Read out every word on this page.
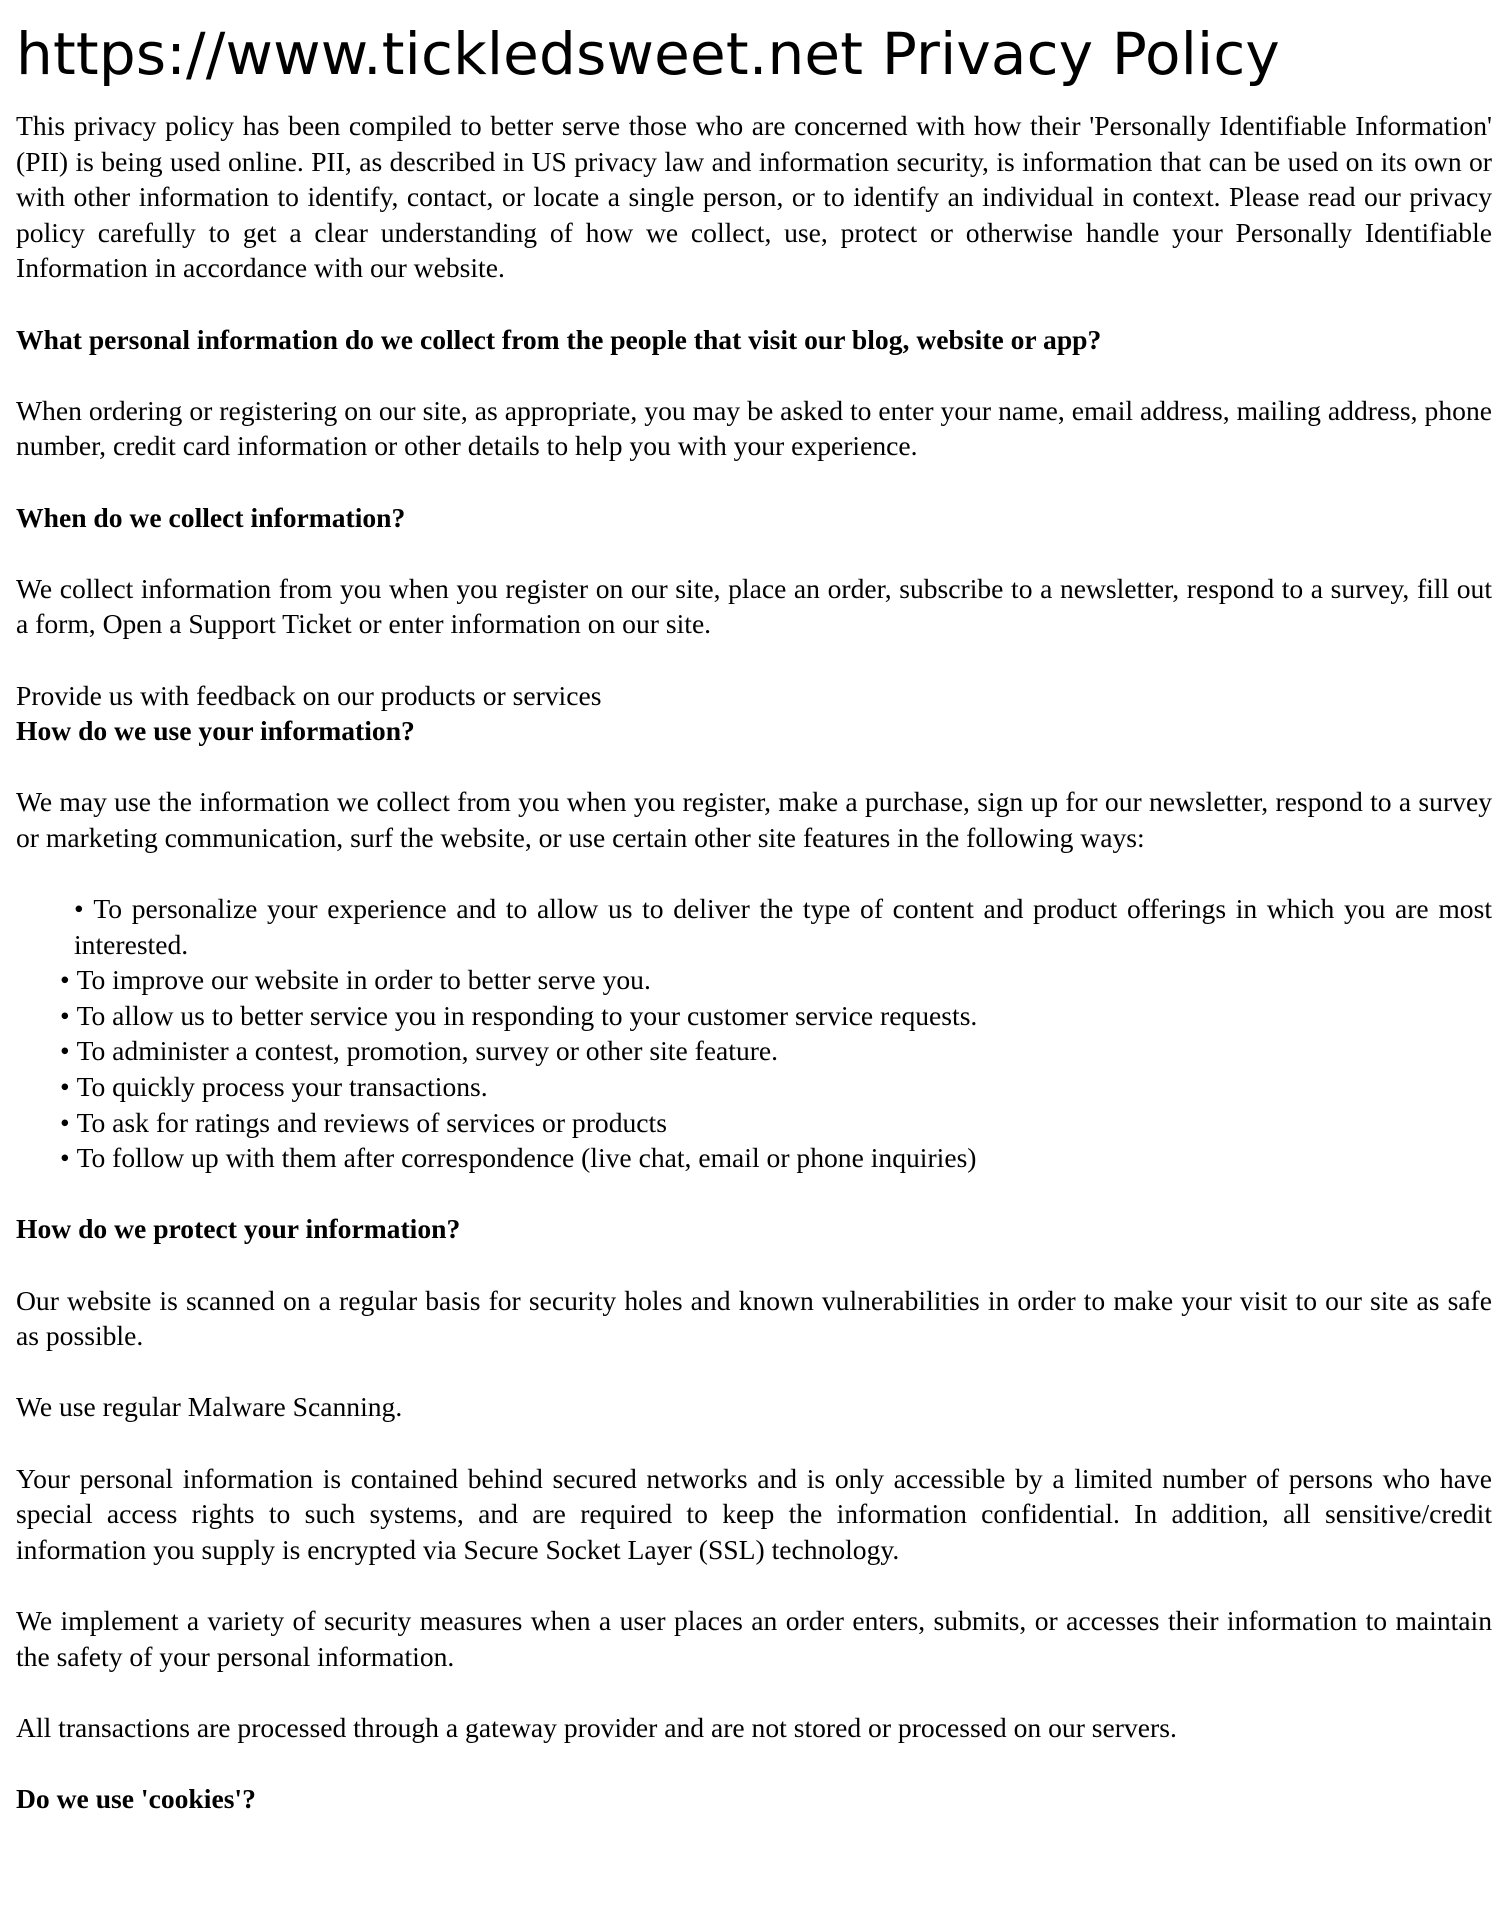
https://www.tickledsweet.net Privacy Policy

This privacy policy has been compiled to better serve those who are concerned with how their 'Personally Identifiable Information' (PII) is being used online. PII, as described in US privacy law and information security, is information that can be used on its own or with other information to identify, contact, or locate a single person, or to identify an individual in context. Please read our privacy policy carefully to get a clear understanding of how we collect, use, protect or otherwise handle your Personally Identifiable Information in accordance with our website.

What personal information do we collect from the people that visit our blog, website or app?

When ordering or registering on our site, as appropriate, you may be asked to enter your name, email address, mailing address, phone number, credit card information or other details to help you with your experience.

When do we collect information?

We collect information from you when you register on our site, place an order, subscribe to a newsletter, respond to a survey, fill out a form, Open a Support Ticket or enter information on our site.

Provide us with feedback on our products or services

How do we use your information?

We may use the information we collect from you when you register, make a purchase, sign up for our newsletter, respond to a survey or marketing communication, surf the website, or use certain other site features in the following ways:

• To personalize your experience and to allow us to deliver the type of content and product offerings in which you are most interested.
• To improve our website in order to better serve you.
• To allow us to better service you in responding to your customer service requests.
• To administer a contest, promotion, survey or other site feature.
• To quickly process your transactions.
• To ask for ratings and reviews of services or products
• To follow up with them after correspondence (live chat, email or phone inquiries)

How do we protect your information?

Our website is scanned on a regular basis for security holes and known vulnerabilities in order to make your visit to our site as safe as possible.

We use regular Malware Scanning.

Your personal information is contained behind secured networks and is only accessible by a limited number of persons who have special access rights to such systems, and are required to keep the information confidential. In addition, all sensitive/credit information you supply is encrypted via Secure Socket Layer (SSL) technology.

We implement a variety of security measures when a user places an order enters, submits, or accesses their information to maintain the safety of your personal information.

All transactions are processed through a gateway provider and are not stored or processed on our servers.

Do we use 'cookies'?
